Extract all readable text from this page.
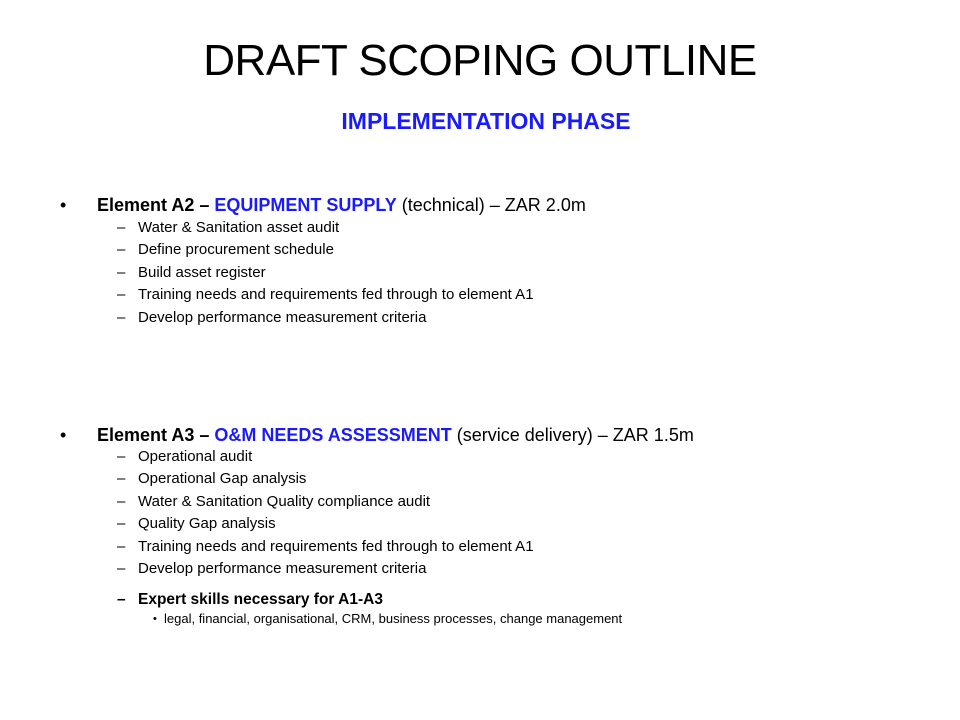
DRAFT SCOPING OUTLINE
IMPLEMENTATION PHASE
• Element A2 – EQUIPMENT SUPPLY (technical) – ZAR 2.0m
– Water & Sanitation asset audit
– Define procurement schedule
– Build asset register
– Training needs and requirements fed through to element A1
– Develop performance measurement criteria
• Element A3 – O&M NEEDS ASSESSMENT (service delivery) – ZAR 1.5m
– Operational audit
– Operational Gap analysis
– Water & Sanitation Quality compliance audit
– Quality Gap analysis
– Training needs and requirements fed through to element A1
– Develop performance measurement criteria
– Expert skills necessary for A1-A3
• legal, financial, organisational, CRM, business processes, change management
